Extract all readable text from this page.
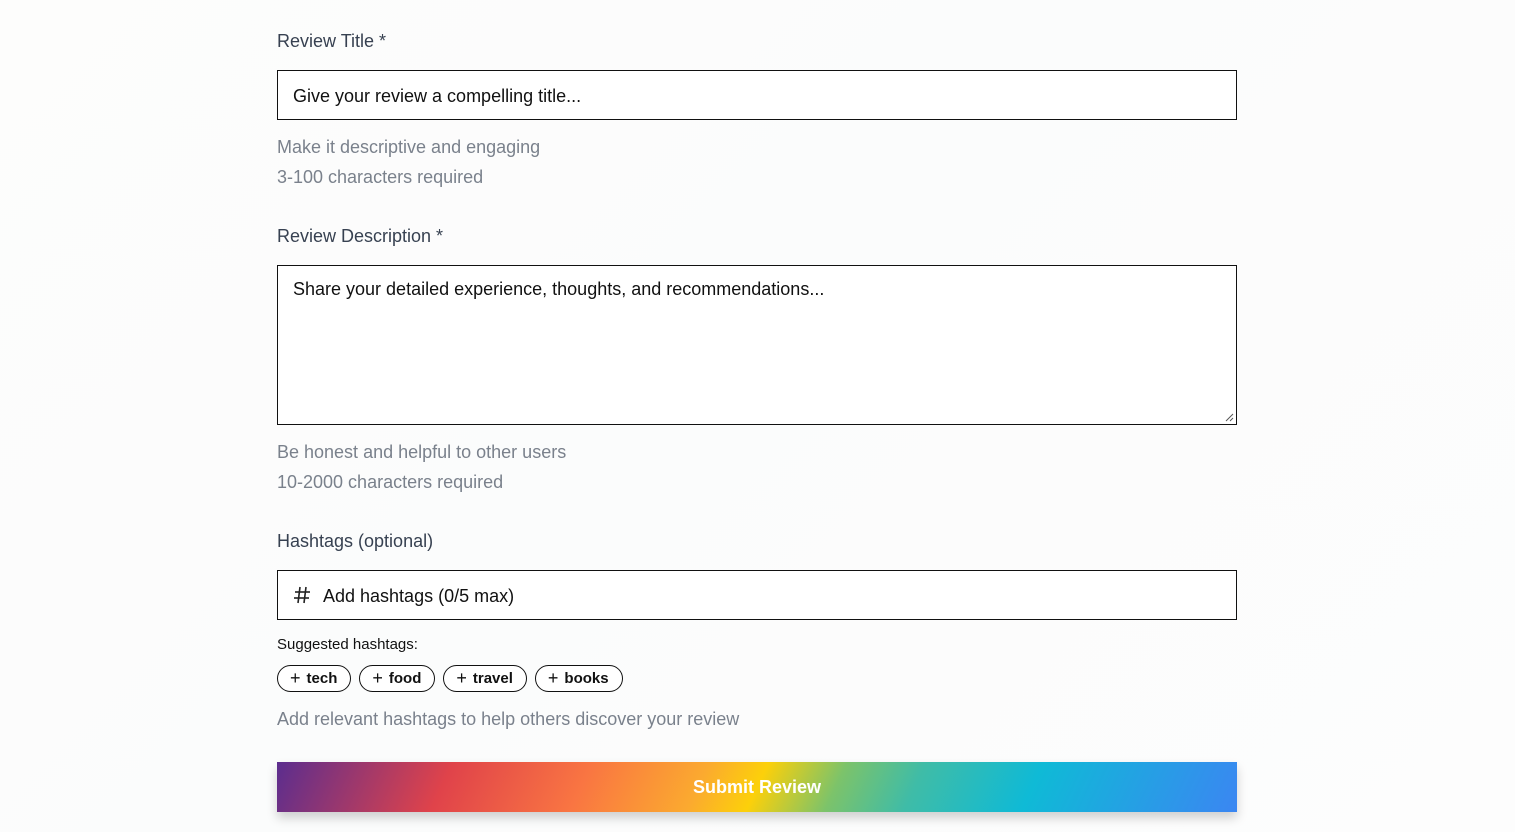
Review Title *
Give your review a compelling title...
Make it descriptive and engaging
3-100 characters required
Review Description *
Share your detailed experience, thoughts, and recommendations...
Be honest and helpful to other users
10-2000 characters required
Hashtags (optional)
Add hashtags (0/5 max)
Suggested hashtags:
+ tech + food + travel + books
Add relevant hashtags to help others discover your review
Submit Review
